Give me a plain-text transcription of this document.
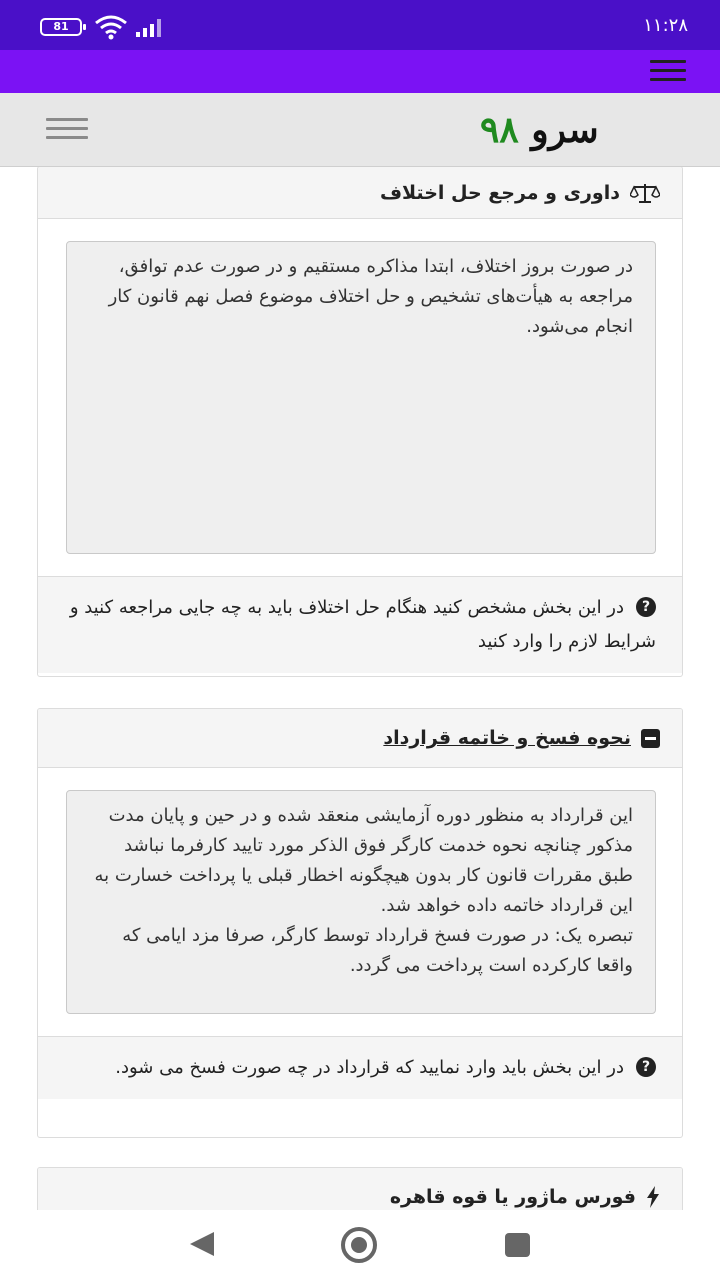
81	۱۱:۲۸
سرو ۹۸
داوری و مرجع حل اختلاف
در صورت بروز اختلاف، ابتدا مذاکره مستقیم و در صورت عدم توافق، مراجعه به هیأت‌های تشخیص و حل اختلاف موضوع فصل نهم قانون کار انجام می‌شود.
?در این بخش مشخص کنید هنگام حل اختلاف باید به چه جایی مراجعه کنید و شرایط لازم را وارد کنید
نحوه فسخ و خاتمه قرارداد
این قرارداد به منظور دوره آزمایشی منعقد شده و در حین و پایان مدت مذکور چنانچه نحوه خدمت کارگر فوق الذکر مورد تایید کارفرما نباشد طبق مقررات قانون کار بدون هیچگونه اخطار قبلی یا پرداخت خسارت به این قرارداد خاتمه داده خواهد شد.
تبصره یک: در صورت فسخ قرارداد توسط کارگر، صرفا مزد ایامی که واقعا کارکرده است پرداخت می گردد.
?در این بخش باید وارد نمایید که قرارداد در چه صورت فسخ می شود.
فورس ماژور یا قوه قاهره
